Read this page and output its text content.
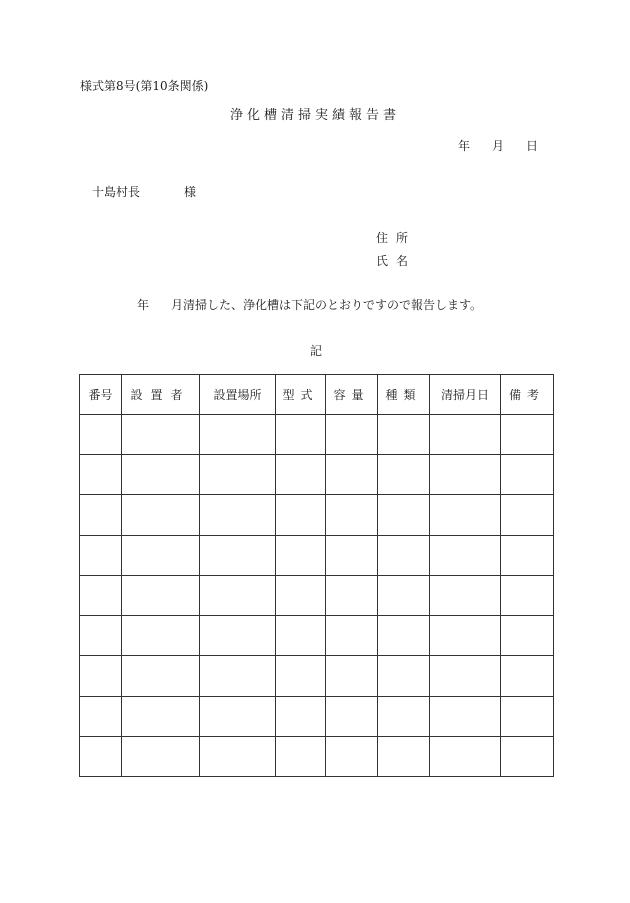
様式第8号(第10条関係)
浄化槽清掃実績報告書
年 月 日
十島村長	様
住所
氏名
年 月清掃した、浄化槽は下記のとおりですので報告します。
記
番号	設置者	設置場所	型式	容量	種類	清掃月日	備考
